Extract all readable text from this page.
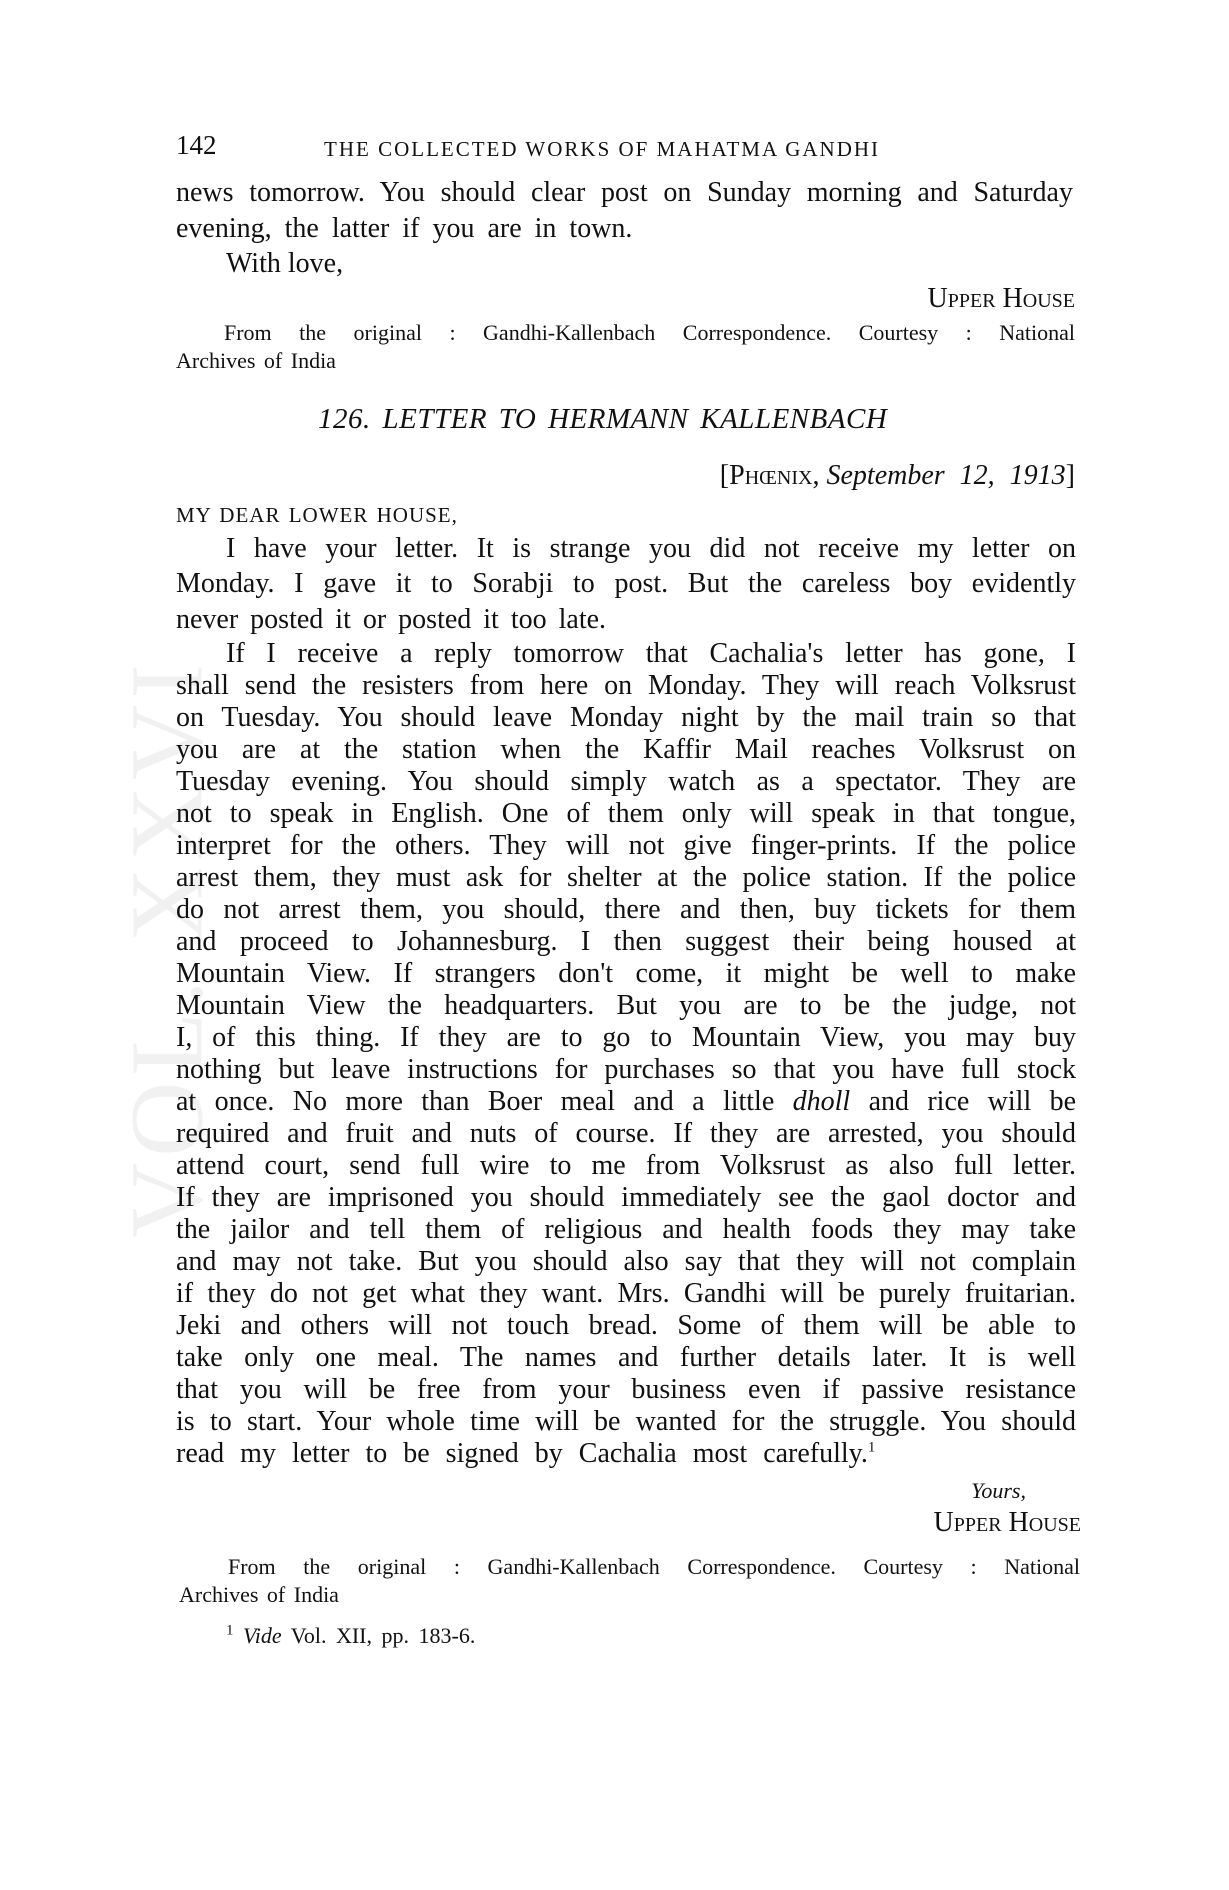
VOL. XXVI
142	THE COLLECTED WORKS OF MAHATMA GANDHI
news tomorrow. You should clear post on Sunday morning and Saturday
evening, the latter if you are in town.
With love,
Upper House
From the original : Gandhi-Kallenbach Correspondence. Courtesy : National
Archives of India
126. LETTER TO HERMANN KALLENBACH
[Phœnix, September 12, 1913]
MY DEAR LOWER HOUSE,
I have your letter. It is strange you did not receive my letter on
Monday. I gave it to Sorabji to post. But the careless boy evidently
never posted it or posted it too late.
If I receive a reply tomorrow that Cachalia's letter has gone, I
shall send the resisters from here on Monday. They will reach Volksrust
on Tuesday. You should leave Monday night by the mail train so that
you are at the station when the Kaffir Mail reaches Volksrust on
Tuesday evening. You should simply watch as a spectator. They are
not to speak in English. One of them only will speak in that tongue,
interpret for the others. They will not give finger-prints. If the police
arrest them, they must ask for shelter at the police station. If the police
do not arrest them, you should, there and then, buy tickets for them
and proceed to Johannesburg. I then suggest their being housed at
Mountain View. If strangers don't come, it might be well to make
Mountain View the headquarters. But you are to be the judge, not
I, of this thing. If they are to go to Mountain View, you may buy
nothing but leave instructions for purchases so that you have full stock
at once. No more than Boer meal and a little dholl and rice will be
required and fruit and nuts of course. If they are arrested, you should
attend court, send full wire to me from Volksrust as also full letter.
If they are imprisoned you should immediately see the gaol doctor and
the jailor and tell them of religious and health foods they may take
and may not take. But you should also say that they will not complain
if they do not get what they want. Mrs. Gandhi will be purely fruitarian.
Jeki and others will not touch bread. Some of them will be able to
take only one meal. The names and further details later. It is well
that you will be free from your business even if passive resistance
is to start. Your whole time will be wanted for the struggle. You should
read my letter to be signed by Cachalia most carefully.$^1$
Yours,
Upper House
From the original : Gandhi-Kallenbach Correspondence. Courtesy : National
Archives of India
$^1$ Vide Vol. XII, pp. 183-6.
